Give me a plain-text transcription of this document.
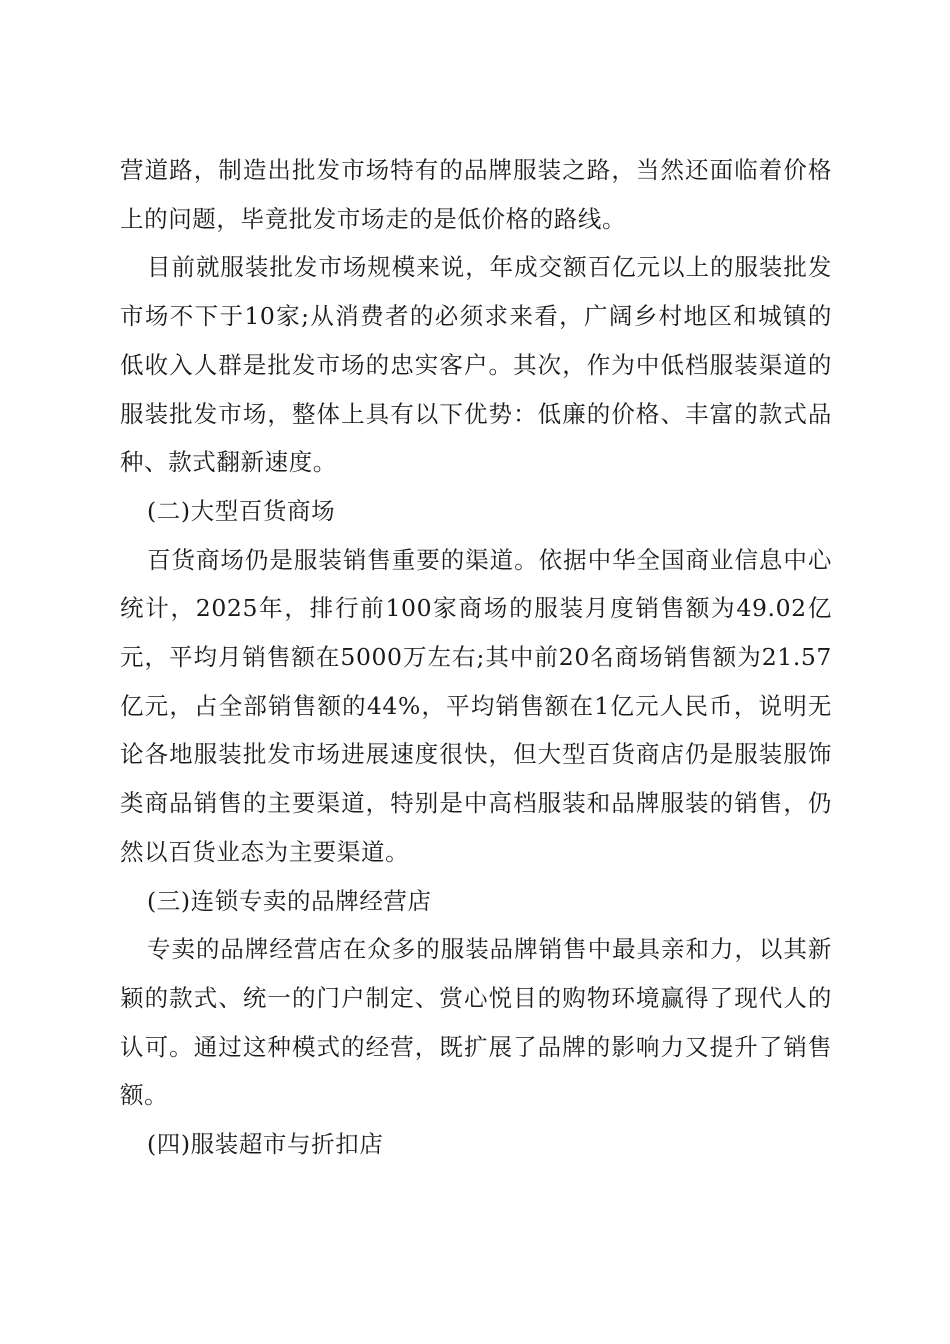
营道路，制造出批发市场特有的品牌服装之路，当然还面临着价格上的问题，毕竟批发市场走的是低价格的路线。

目前就服装批发市场规模来说，年成交额百亿元以上的服装批发市场不下于10家;从消费者的必须求来看，广阔乡村地区和城镇的低收入人群是批发市场的忠实客户。其次，作为中低档服装渠道的服装批发市场，整体上具有以下优势：低廉的价格、丰富的款式品种、款式翻新速度。

(二)大型百货商场

百货商场仍是服装销售重要的渠道。依据中华全国商业信息中心统计，2025年，排行前100家商场的服装月度销售额为49.02亿元，平均月销售额在5000万左右;其中前20名商场销售额为21.57亿元，占全部销售额的44%，平均销售额在1亿元人民币，说明无论各地服装批发市场进展速度很快，但大型百货商店仍是服装服饰类商品销售的主要渠道，特别是中高档服装和品牌服装的销售，仍然以百货业态为主要渠道。

(三)连锁专卖的品牌经营店

专卖的品牌经营店在众多的服装品牌销售中最具亲和力，以其新颖的款式、统一的门户制定、赏心悦目的购物环境赢得了现代人的认可。通过这种模式的经营，既扩展了品牌的影响力又提升了销售额。

(四)服装超市与折扣店
